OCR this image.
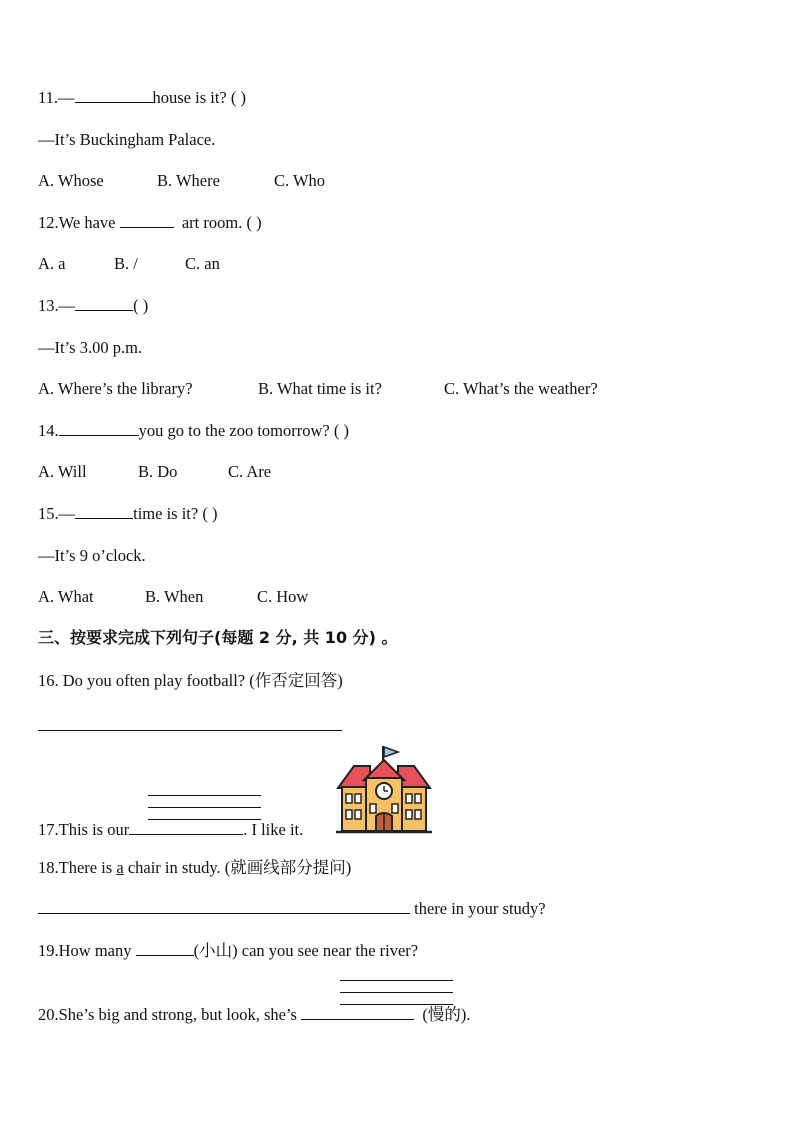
11.—	house is it? ( )
—It’s Buckingham Palace.
A. Whose	B. Where	C. Who
12.We have	art room. ( )
A. a	B. /	C. an
13.—	( )
—It’s 3.00 p.m.
A. Where’s the library?	B. What time is it?	C. What’s the weather?
14.	you go to the zoo tomorrow? ( )
A. Will	B. Do	C. Are
15.—	time is it? ( )
—It’s 9 o’clock.
A. What	B. When	C. How
三、按要求完成下列句子(每题 2 分, 共 10 分) 。
16. Do you often play football? (作否定回答)
17.This is our	. I like it.
18.There is a chair in study. (就画线部分提问)
there in your study?
19.How many	(小山) can you see near the river?
20.She’s big and strong, but look, she’s	(慢的).
